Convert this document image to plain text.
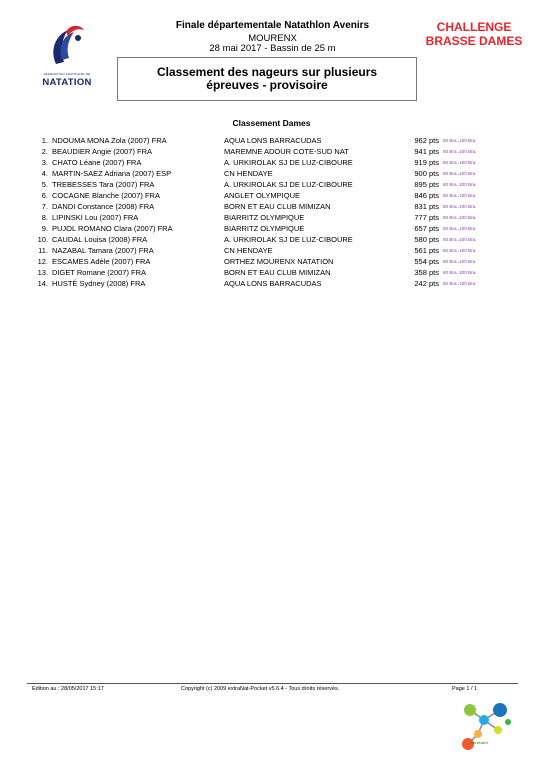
FÉDÉRATION FRANÇAISE DE
NATATION
Finale départementale Natathlon Avenirs
MOURENX
28 mai 2017 - Bassin de 25 m
CHALLENGE
BRASSE DAMES
Classement des nageurs sur plusieurs
épreuves - provisoire
Classement Dames
1. NDOUMA MONA Zola (2007) FRA	AQUA LONS BARRACUDAS	962 pts 50 Bra.,100 Bra.
2. BEAUDIER Angie (2007) FRA	MAREMNE ADOUR COTE-SUD NAT	941 pts 50 Bra.,100 Bra.
3. CHATO Léane (2007) FRA	A. URKIROLAK SJ DE LUZ-CIBOURE	919 pts 50 Bra.,100 Bra.
4. MARTIN-SAEZ Adriana (2007) ESP	CN HENDAYE	900 pts 50 Bra.,100 Bra.
5. TREBESSES Tara (2007) FRA	A. URKIROLAK SJ DE LUZ-CIBOURE	895 pts 50 Bra.,100 Bra.
6. COCAGNE Blanche (2007) FRA	ANGLET OLYMPIQUE	846 pts 50 Bra.,100 Bra.
7. DANDI Constance (2008) FRA	BORN ET EAU CLUB MIMIZAN	831 pts 50 Bra.,100 Bra.
8. LIPINSKI Lou (2007) FRA	BIARRITZ OLYMPIQUE	777 pts 50 Bra.,100 Bra.
9. PUJOL ROMANO Clara (2007) FRA	BIARRITZ OLYMPIQUE	657 pts 50 Bra.,100 Bra.
10. CAUDAL Louisa (2008) FRA	A. URKIROLAK SJ DE LUZ-CIBOURE	580 pts 50 Bra.,100 Bra.
11. NAZABAL Tamara (2007) FRA	CN HENDAYE	561 pts 50 Bra.,100 Bra.
12. ESCAMES Adèle (2007) FRA	ORTHEZ MOURENX NATATION	554 pts 50 Bra.,100 Bra.
13. DIGET Romane (2007) FRA	BORN ET EAU CLUB MIMIZAN	358 pts 50 Bra.,100 Bra.
14. HUSTÉ Sydney (2008) FRA	AQUA LONS BARRACUDAS	242 pts 50 Bra.,100 Bra.
Edition au : 28/05/2017 15:17	Copyright (c) 2009 extraNat-Pocket v5.6.4 - Tous droits réservés.	Page 1 / 1
extraNat.fr
